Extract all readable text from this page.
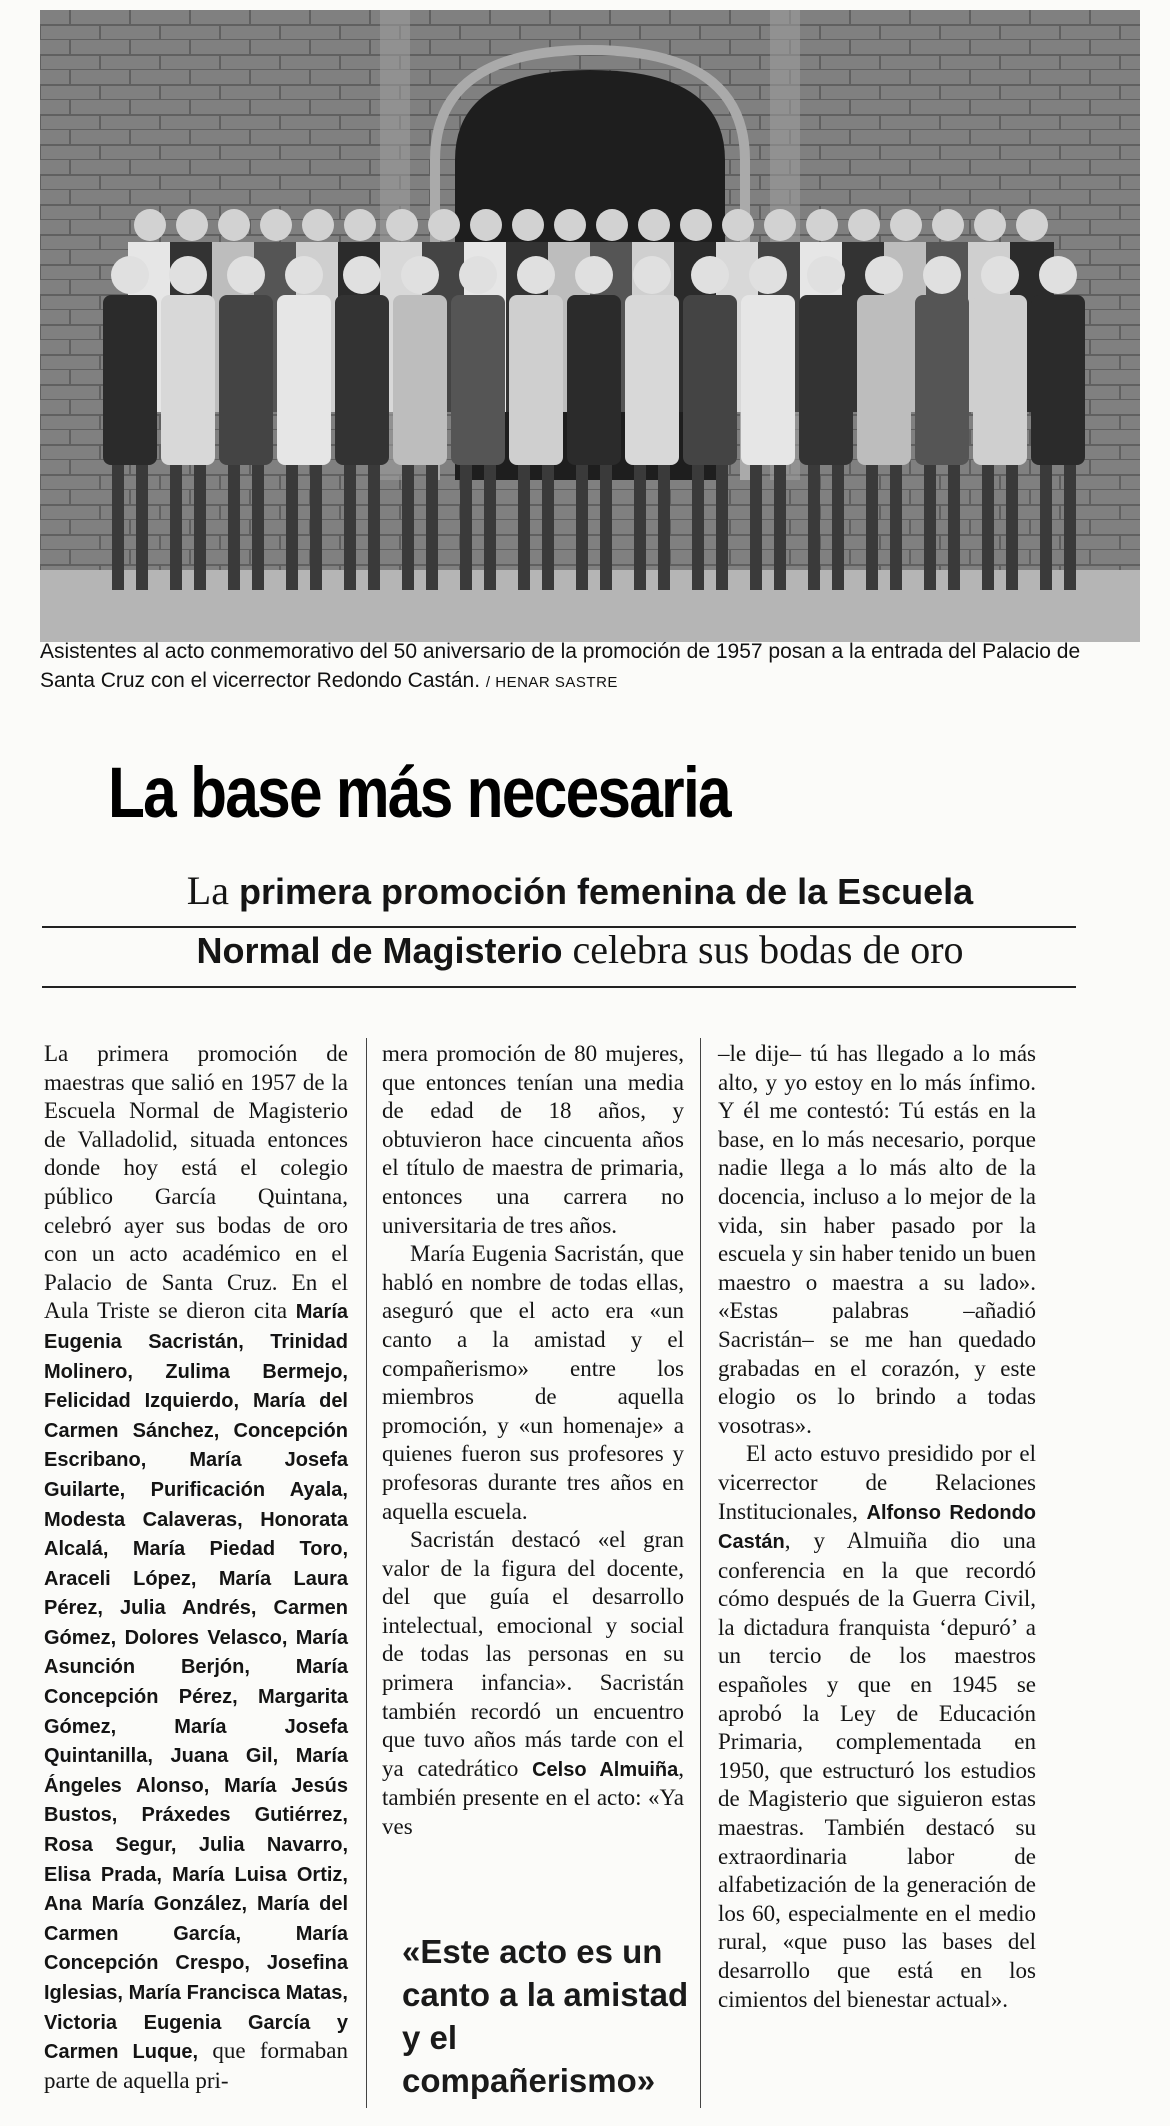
Asistentes al acto conmemorativo del 50 aniversario de la promoción de 1957 posan a la entrada del Palacio de Santa Cruz con el vicerrector Redondo Castán. / HENAR SASTRE
La base más necesaria
La primera promoción femenina de la Escuela
Normal de Magisterio celebra sus bodas de oro

La primera promoción de maestras que salió en 1957 de la Escuela Normal de Magisterio de Valladolid, situada entonces donde hoy está el colegio público García Quintana, celebró ayer sus bodas de oro con un acto académico en el Palacio de Santa Cruz. En el Aula Triste se dieron cita María Eugenia Sacristán, Trinidad Molinero, Zulima Bermejo, Felicidad Izquierdo, María del Carmen Sánchez, Concepción Escribano, María Josefa Guilarte, Purificación Ayala, Modesta Calaveras, Honorata Alcalá, María Piedad Toro, Araceli López, María Laura Pérez, Julia Andrés, Carmen Gómez, Dolores Velasco, María Asunción Berjón, María Concepción Pérez, Margarita Gómez, María Josefa Quintanilla, Juana Gil, María Ángeles Alonso, María Jesús Bustos, Práxedes Gutiérrez, Rosa Segur, Julia Navarro, Elisa Prada, María Luisa Ortiz, Ana María González, María del Carmen García, María Concepción Crespo, Josefina Iglesias, María Francisca Matas, Victoria Eugenia García y Carmen Luque, que formaban parte de aquella pri-

mera promoción de 80 mujeres, que entonces tenían una media de edad de 18 años, y obtuvieron hace cincuenta años el título de maestra de primaria, entonces una carrera no universitaria de tres años.

María Eugenia Sacristán, que habló en nombre de todas ellas, aseguró que el acto era «un canto a la amistad y el compañerismo» entre los miembros de aquella promoción, y «un homenaje» a quienes fueron sus profesores y profesoras durante tres años en aquella escuela.

Sacristán destacó «el gran valor de la figura del docente, del que guía el desarrollo intelectual, emocional y social de todas las personas en su primera infancia». Sacristán también recordó un encuentro que tuvo años más tarde con el ya catedrático Celso Almuiña, también presente en el acto: «Ya ves

–le dije– tú has llegado a lo más alto, y yo estoy en lo más ínfimo. Y él me contestó: Tú estás en la base, en lo más necesario, porque nadie llega a lo más alto de la docencia, incluso a lo mejor de la vida, sin haber pasado por la escuela y sin haber tenido un buen maestro o maestra a su lado». «Estas palabras –añadió Sacristán– se me han quedado grabadas en el corazón, y este elogio os lo brindo a todas vosotras».

El acto estuvo presidido por el vicerrector de Relaciones Institucionales, Alfonso Redondo Castán, y Almuiña dio una conferencia en la que recordó cómo después de la Guerra Civil, la dictadura franquista ‘depuró’ a un tercio de los maestros españoles y que en 1945 se aprobó la Ley de Educación Primaria, complementada en 1950, que estructuró los estudios de Magisterio que siguieron estas maestras. También destacó su extraordinaria labor de alfabetización de la generación de los 60, especialmente en el medio rural, «que puso las bases del desarrollo que está en los cimientos del bienestar actual».

«Este acto es un canto a la amistad y el compañerismo»
